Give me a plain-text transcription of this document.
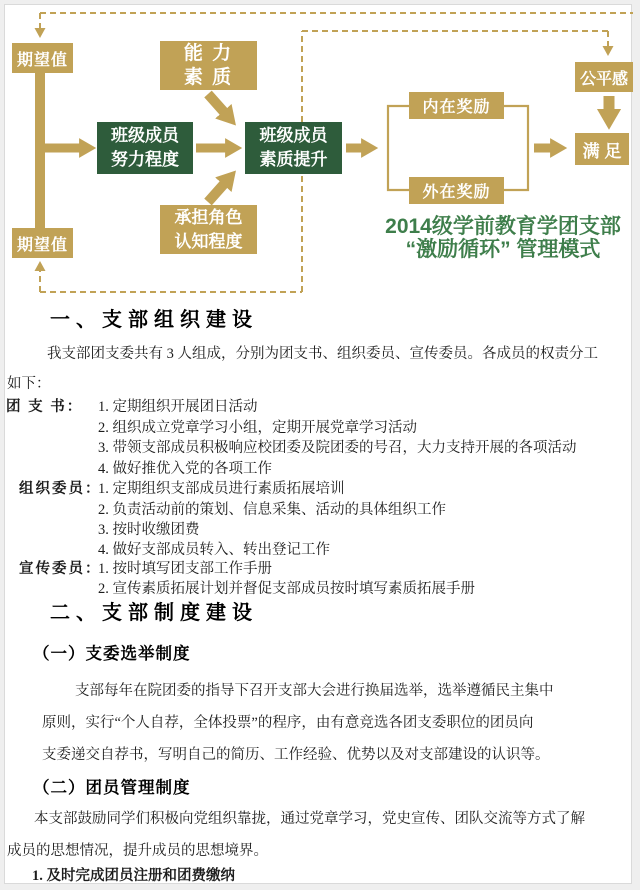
期望值
期望值
能 力
素 质
班级成员
努力程度
班级成员
素质提升
承担角色
认知程度
内在奖励
外在奖励
公平感
满 足
2014级学前教育学团支部
“激励循环” 管理模式
一、支部组织建设
我支部团支委共有 3 人组成，分别为团支书、组织委员、宣传委员。各成员的权责分工
如下：
团 支 书： 1. 定期组织开展团日活动
2. 组织成立党章学习小组，定期开展党章学习活动
3. 带领支部成员积极响应校团委及院团委的号召，大力支持开展的各项活动
4. 做好推优入党的各项工作
组织委员：
1. 定期组织支部成员进行素质拓展培训
2. 负责活动前的策划、信息采集、活动的具体组织工作
3. 按时收缴团费
4. 做好支部成员转入、转出登记工作
宣传委员：
1. 按时填写团支部工作手册
2. 宣传素质拓展计划并督促支部成员按时填写素质拓展手册
二、支部制度建设
（一）支委选举制度
支部每年在院团委的指导下召开支部大会进行换届选举，选举遵循民主集中
原则，实行“个人自荐，全体投票”的程序，由有意竞选各团支委职位的团员向
支委递交自荐书，写明自己的简历、工作经验、优势以及对支部建设的认识等。
（二）团员管理制度
本支部鼓励同学们积极向党组织靠拢，通过党章学习，党史宣传、团队交流等方式了解
成员的思想情况，提升成员的思想境界。
1. 及时完成团员注册和团费缴纳
